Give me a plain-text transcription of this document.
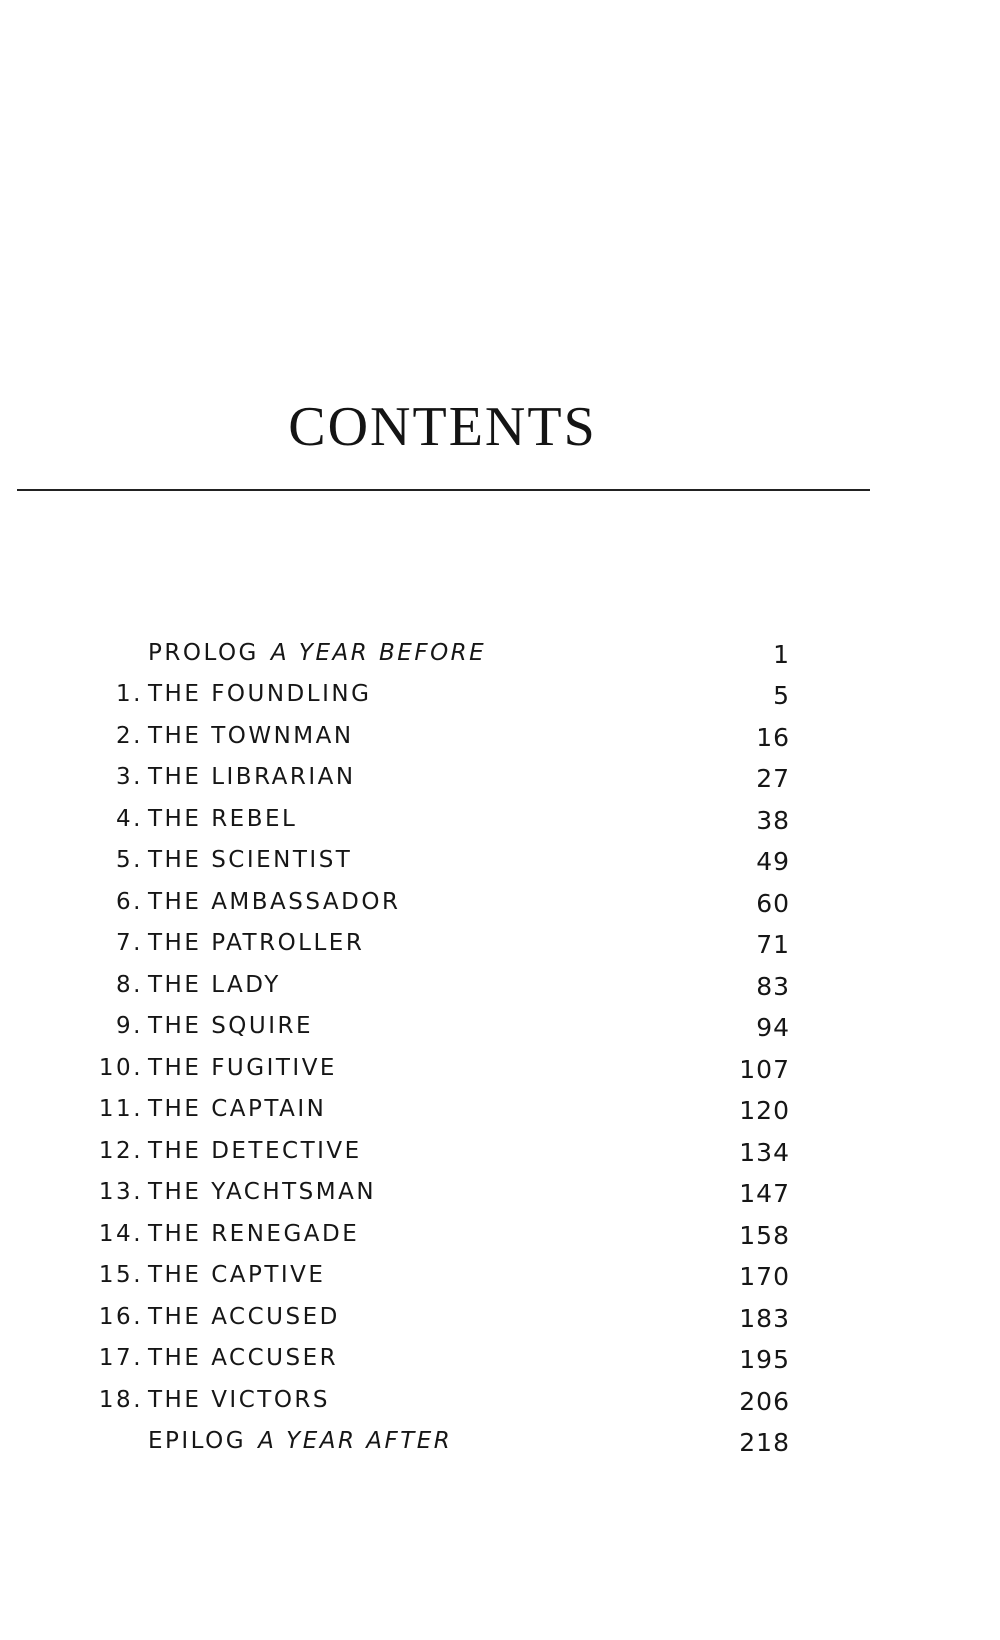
CONTENTS
PROLOG A YEAR BEFORE	1
1. THE FOUNDLING	5
2. THE TOWNMAN	16
3. THE LIBRARIAN	27
4. THE REBEL	38
5. THE SCIENTIST	49
6. THE AMBASSADOR	60
7. THE PATROLLER	71
8. THE LADY	83
9. THE SQUIRE	94
10. THE FUGITIVE	107
11. THE CAPTAIN	120
12. THE DETECTIVE	134
13. THE YACHTSMAN	147
14. THE RENEGADE	158
15. THE CAPTIVE	170
16. THE ACCUSED	183
17. THE ACCUSER	195
18. THE VICTORS	206
EPILOG A YEAR AFTER	218
